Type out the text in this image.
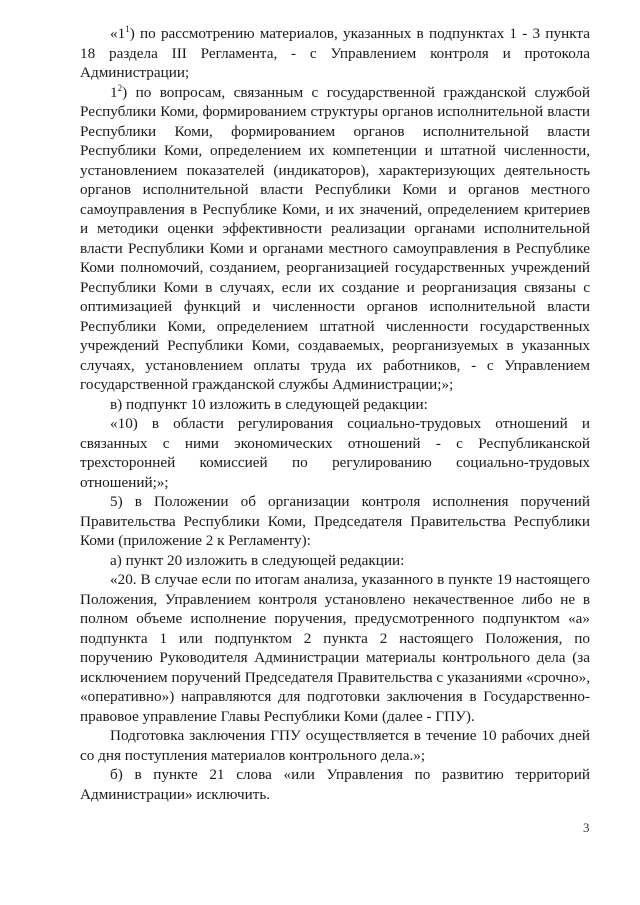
«$1^1$) по рассмотрению материалов, указанных в подпунктах 1 - 3 пункта 18 раздела III Регламента, - с Управлением контроля и протокола Администрации;

$1^2$) по вопросам, связанным с государственной гражданской службой Республики Коми, формированием структуры органов исполнительной власти Республики Коми, формированием органов исполнительной власти Республики Коми, определением их компетенции и штатной численности, установлением показателей (индикаторов), характеризующих деятельность органов исполнительной власти Республики Коми и органов местного самоуправления в Республике Коми, и их значений, определением критериев и методики оценки эффективности реализации органами исполнительной власти Республики Коми и органами местного самоуправления в Республике Коми полномочий, созданием, реорганизацией государственных учреждений Республики Коми в случаях, если их создание и реорганизация связаны с оптимизацией функций и численности органов исполнительной власти Республики Коми, определением штатной численности государственных учреждений Республики Коми, создаваемых, реорганизуемых в указанных случаях, установлением оплаты труда их работников, - с Управлением государственной гражданской службы Администрации;»;

в) подпункт 10 изложить в следующей редакции:

«10) в области регулирования социально-трудовых отношений и связанных с ними экономических отношений - с Республиканской трехсторонней комиссией по регулированию социально-трудовых отношений;»;

5) в Положении об организации контроля исполнения поручений Правительства Республики Коми, Председателя Правительства Республики Коми (приложение 2 к Регламенту):

а) пункт 20 изложить в следующей редакции:

«20. В случае если по итогам анализа, указанного в пункте 19 настоящего Положения, Управлением контроля установлено некачественное либо не в полном объеме исполнение поручения, предусмотренного подпунктом «а» подпункта 1 или подпунктом 2 пункта 2 настоящего Положения, по поручению Руководителя Администрации материалы контрольного дела (за исключением поручений Председателя Правительства с указаниями «срочно», «оперативно») направляются для подготовки заключения в Государственно-правовое управление Главы Республики Коми (далее - ГПУ).

Подготовка заключения ГПУ осуществляется в течение 10 рабочих дней со дня поступления материалов контрольного дела.»;

б) в пункте 21 слова «или Управления по развитию территорий Администрации» исключить.

3
